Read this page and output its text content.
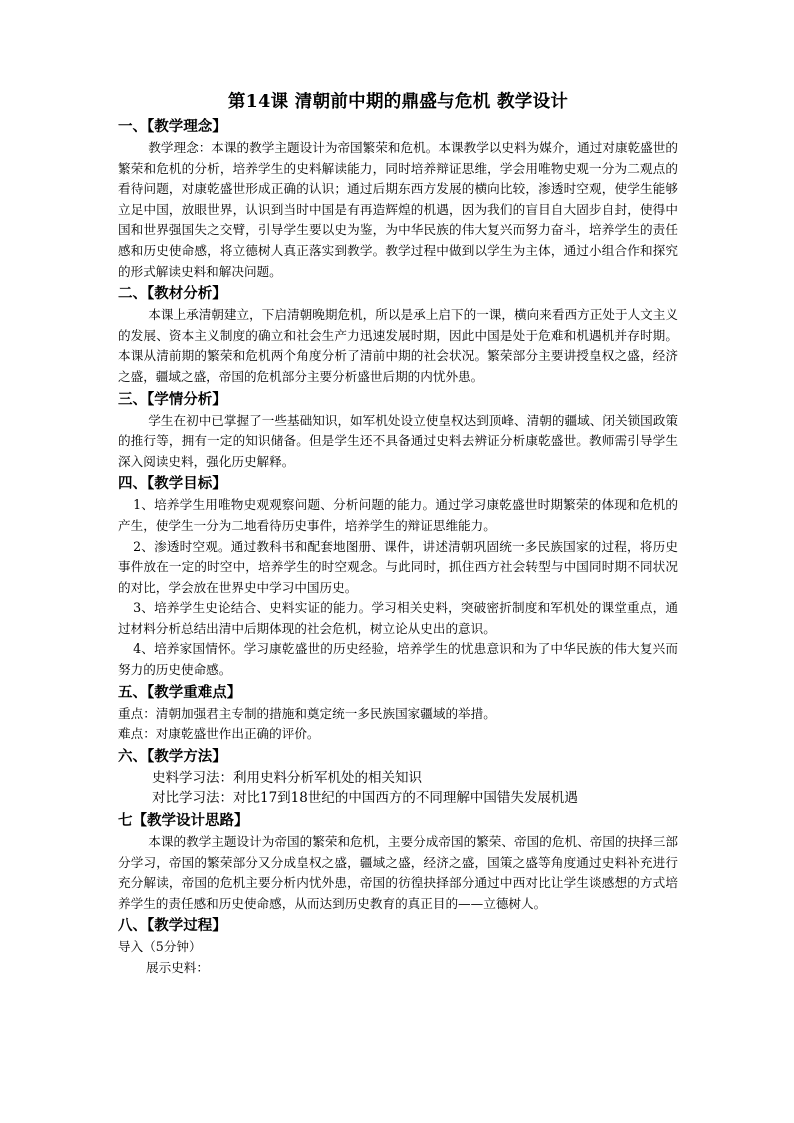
第14课 清朝前中期的鼎盛与危机 教学设计
一、【教学理念】

教学理念：本课的教学主题设计为帝国繁荣和危机。本课教学以史料为媒介，通过对康乾盛世的繁荣和危机的分析，培养学生的史料解读能力，同时培养辩证思维，学会用唯物史观一分为二观点的看待问题，对康乾盛世形成正确的认识；通过后期东西方发展的横向比较，渗透时空观，使学生能够立足中国，放眼世界，认识到当时中国是有再造辉煌的机遇，因为我们的盲目自大固步自封，使得中国和世界强国失之交臂，引导学生要以史为鉴，为中华民族的伟大复兴而努力奋斗，培养学生的责任感和历史使命感，将立德树人真正落实到教学。教学过程中做到以学生为主体，通过小组合作和探究的形式解读史料和解决问题。

二、【教材分析】

本课上承清朝建立，下启清朝晚期危机，所以是承上启下的一课，横向来看西方正处于人文主义的发展、资本主义制度的确立和社会生产力迅速发展时期，因此中国是处于危难和机遇机并存时期。本课从清前期的繁荣和危机两个角度分析了清前中期的社会状况。繁荣部分主要讲授皇权之盛，经济之盛，疆域之盛，帝国的危机部分主要分析盛世后期的内忧外患。

三、【学情分析】

学生在初中已掌握了一些基础知识，如军机处设立使皇权达到顶峰、清朝的疆域、闭关锁国政策的推行等，拥有一定的知识储备。但是学生还不具备通过史料去辨证分析康乾盛世。教师需引导学生深入阅读史料，强化历史解释。

四、【教学目标】

1、培养学生用唯物史观观察问题、分析问题的能力。通过学习康乾盛世时期繁荣的体现和危机的产生，使学生一分为二地看待历史事件，培养学生的辩证思维能力。

2、渗透时空观。通过教科书和配套地图册、课件，讲述清朝巩固统一多民族国家的过程，将历史事件放在一定的时空中，培养学生的时空观念。与此同时，抓住西方社会转型与中国同时期不同状况的对比，学会放在世界史中学习中国历史。

3、培养学生史论结合、史料实证的能力。学习相关史料，突破密折制度和军机处的课堂重点，通过材料分析总结出清中后期体现的社会危机，树立论从史出的意识。

4、培养家国情怀。学习康乾盛世的历史经验，培养学生的忧患意识和为了中华民族的伟大复兴而努力的历史使命感。

五、【教学重难点】

重点：清朝加强君主专制的措施和奠定统一多民族国家疆域的举措。

难点：对康乾盛世作出正确的评价。

六、【教学方法】

史料学习法：利用史料分析军机处的相关知识

对比学习法：对比17到18世纪的中国西方的不同理解中国错失发展机遇

七【教学设计思路】

本课的教学主题设计为帝国的繁荣和危机，主要分成帝国的繁荣、帝国的危机、帝国的抉择三部分学习，帝国的繁荣部分又分成皇权之盛，疆域之盛，经济之盛，国策之盛等角度通过史料补充进行充分解读，帝国的危机主要分析内忧外患，帝国的彷徨抉择部分通过中西对比让学生谈感想的方式培养学生的责任感和历史使命感，从而达到历史教育的真正目的——立德树人。

八、【教学过程】

导入（5分钟）

展示史料：
